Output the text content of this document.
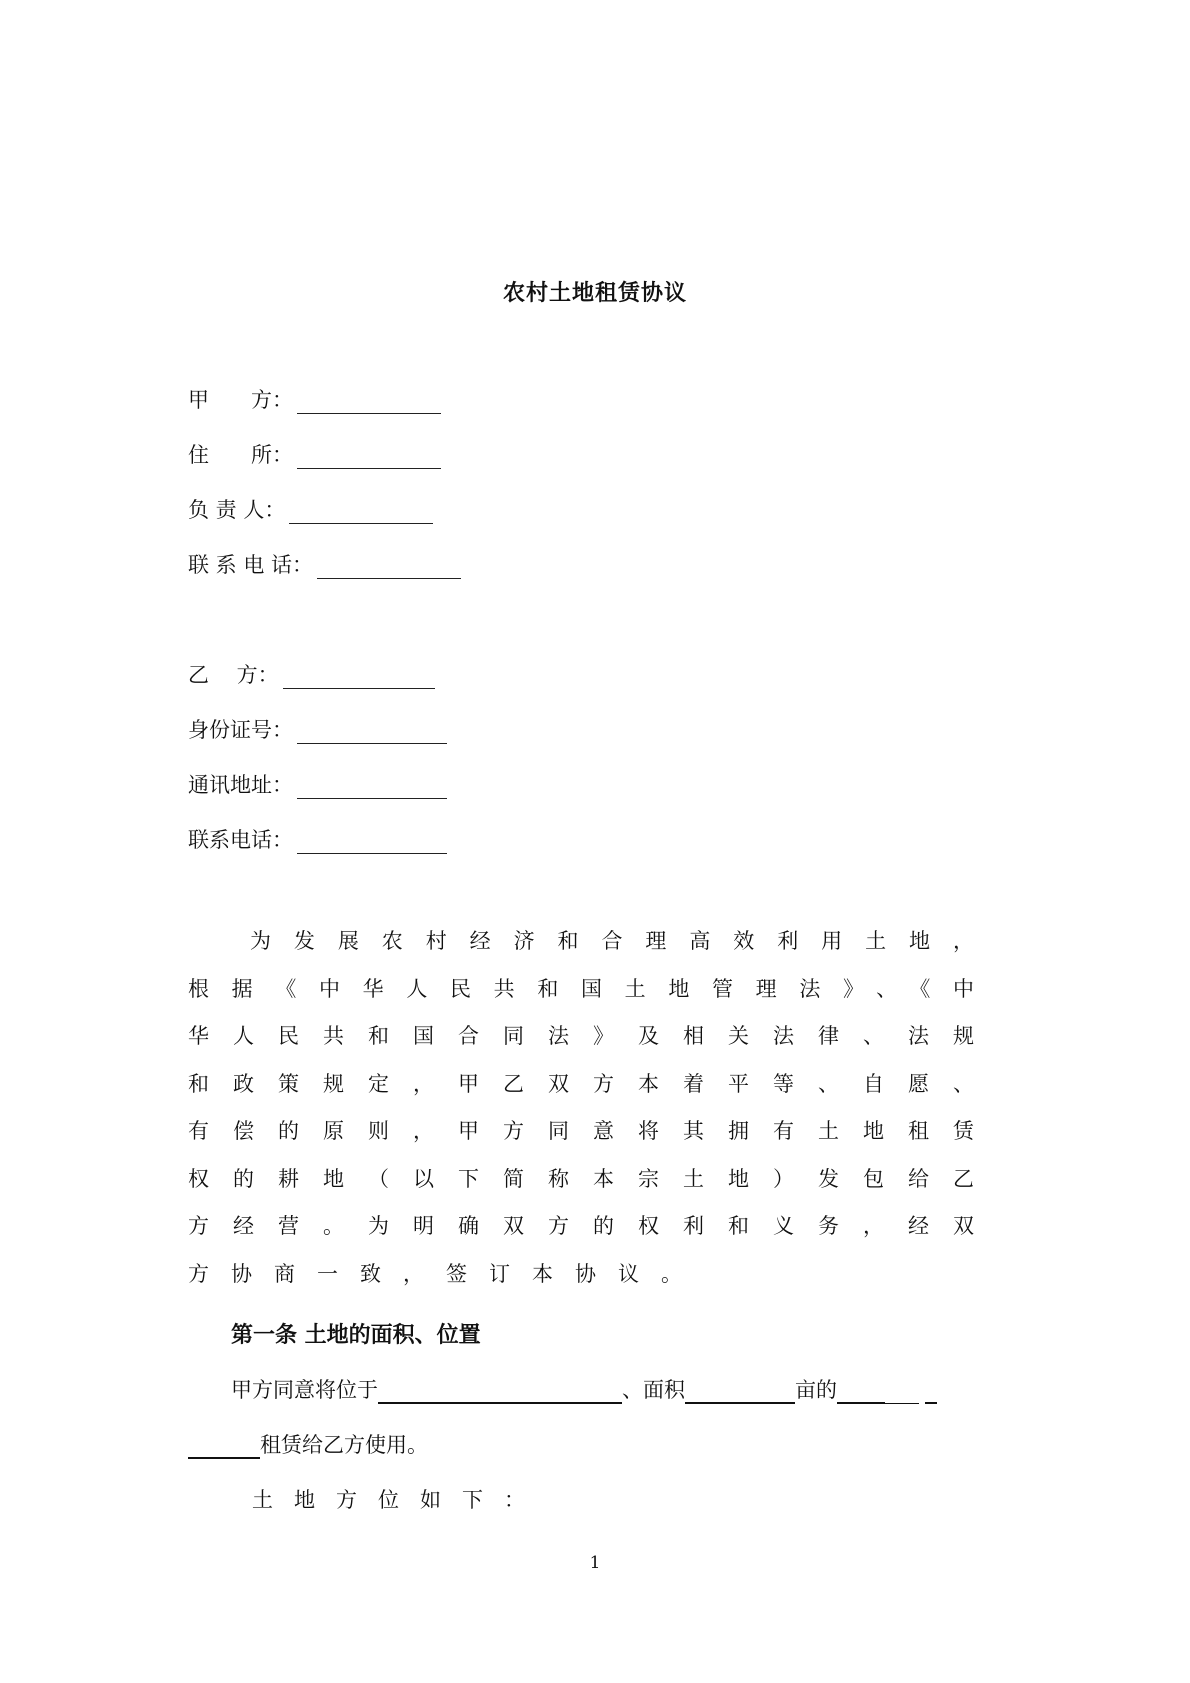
农村土地租赁协议
甲　　方：
住　　所：
负 责 人：
联 系 电 话：
乙　 方：
身份证号：
通讯地址：
联系电话：
为发展农村经济和合理高效利用土地，根据《中华人民共和国土地管理法》、《中华人民共和国合同法》及相关法律、法规和政策规定，甲乙双方本着平等、自愿、有偿的原则，甲方同意将其拥有土地租赁权的耕地（以下简称本宗土地）发包给乙方经营。为明确双方的权利和义务，经双方协商一致，签订本协议。
第一条 土地的面积、位置
甲方同意将位于	、面积	亩的
租赁给乙方使用。
土地方位如下：
1
